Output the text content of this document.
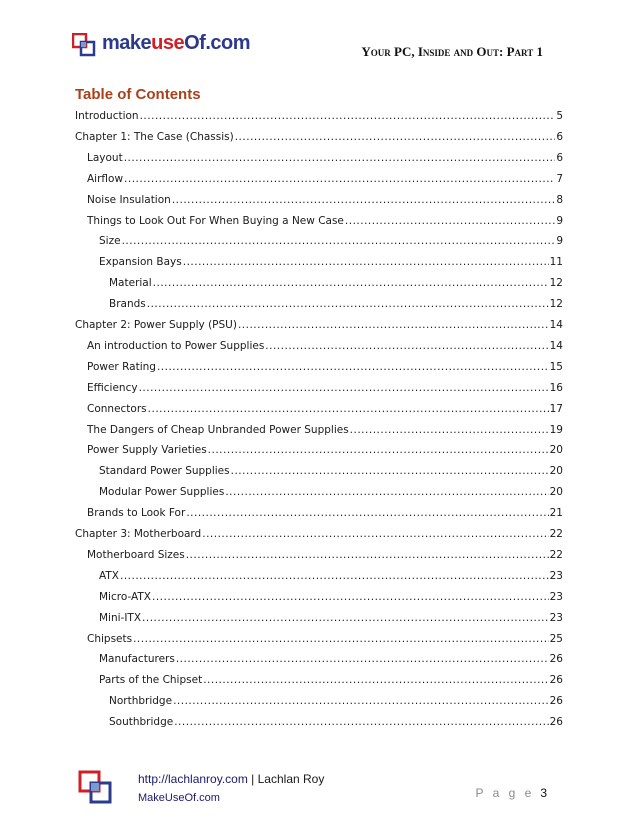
makeuseOf.com	Your PC, Inside and Out: Part 1
Table of Contents
Introduction .....	5
Chapter 1: The Case (Chassis) .....	6
Layout .....	6
Airflow .....	7
Noise Insulation .....	8
Things to Look Out For When Buying a New Case .....	9
Size .....	9
Expansion Bays .....	11
Material .....	12
Brands .....	12
Chapter 2: Power Supply (PSU) .....	14
An introduction to Power Supplies .....	14
Power Rating .....	15
Efficiency .....	16
Connectors .....	17
The Dangers of Cheap Unbranded Power Supplies .....	19
Power Supply Varieties .....	20
Standard Power Supplies .....	20
Modular Power Supplies .....	20
Brands to Look For .....	21
Chapter 3: Motherboard .....	22
Motherboard Sizes .....	22
ATX .....	23
Micro-ATX .....	23
Mini-ITX .....	23
Chipsets .....	25
Manufacturers .....	26
Parts of the Chipset .....	26
Northbridge .....	26
Southbridge .....	26
http://lachlanroy.com | Lachlan Roy
MakeUseOf.com	P a g e 3
